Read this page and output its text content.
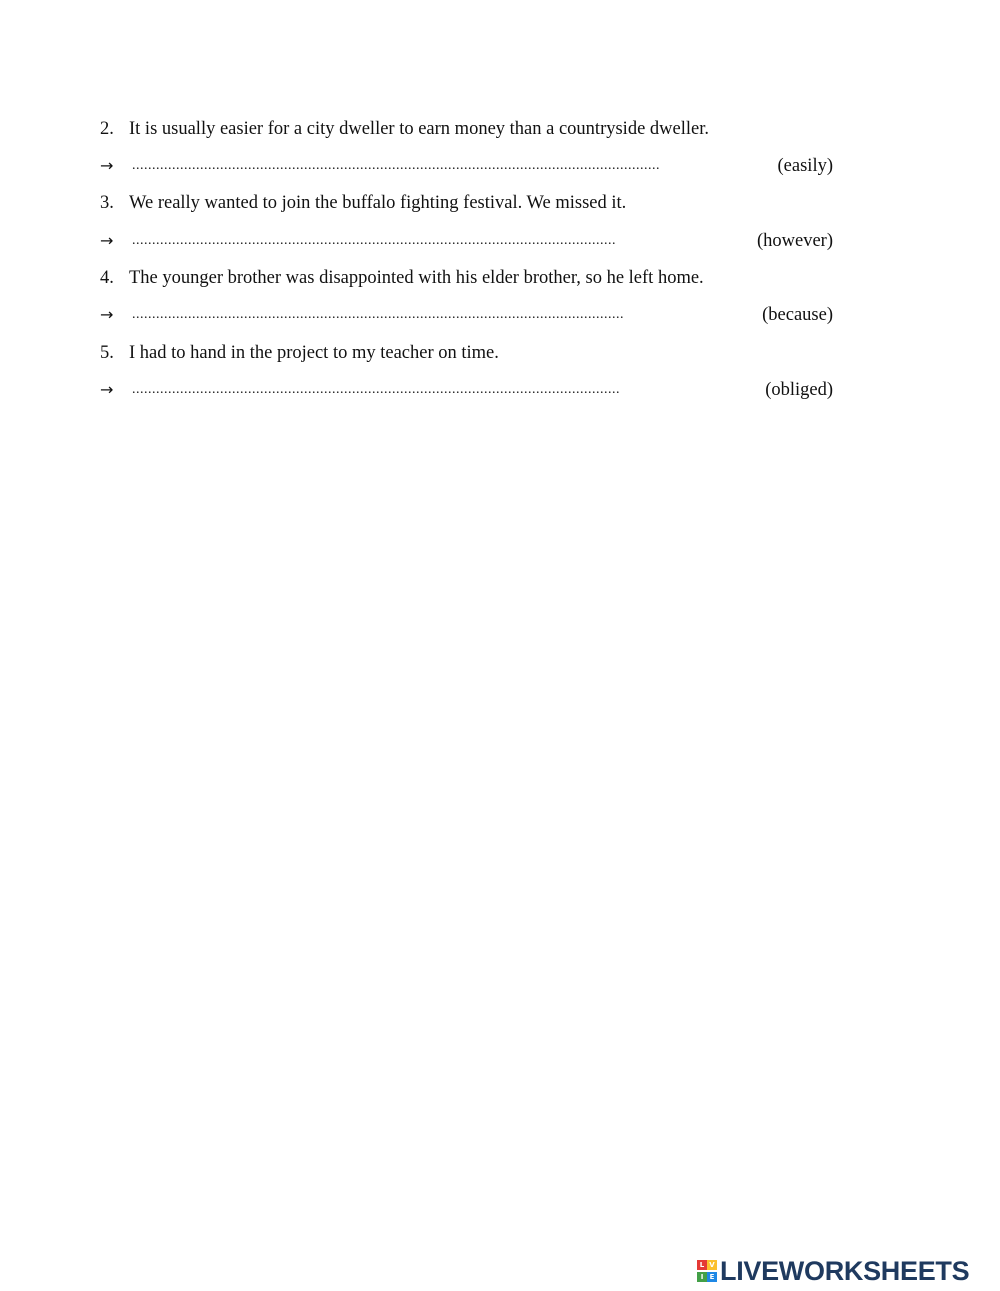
2. It is usually easier for a city dweller to earn money than a countryside dweller.
→ ....................................................................................................................................	(easily)
3. We really wanted to join the buffalo fighting festival. We missed it.
→ .........................................................................................................................	(however)
4. The younger brother was disappointed with his elder brother, so he left home.
→ ...........................................................................................................................	(because)
5. I had to hand in the project to my teacher on time.
→ ..........................................................................................................................	(obliged)
L
I
V
E LIVEWORKSHEETS
